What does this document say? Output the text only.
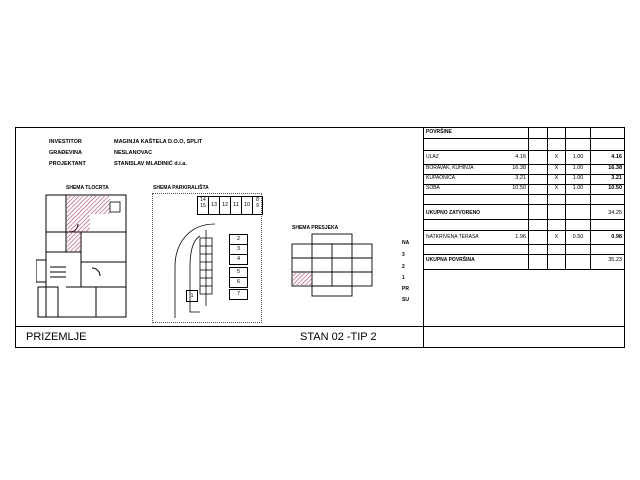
INVESTITOR	MAGINJA KAŠTELA D.O.O, SPLIT
GRAĐEVINA	NESLANOVAC
PROJEKTANT	STANISLAV MLADINIĆ d.i.a.
SHEMA TLOCRTA	SHEMA PARKIRALIŠTA
SHEMA PRESJEKA
14
15 13 12 11 10
8
9
2
3
4
5
6
7
1
NA
3
2
1
PR
SU
PRIZEMLJE	STAN 02 -TIP 2
POVRŠINE
ULAZ	4.16	X	1.00	4.16
BORAVAK, KUHINJA	16.38	X	1.00	16.38
KUPAONICA	3.21	X	1.00	3.21
SOBA	10.50	X	1.00	10.50
UKUPNO ZATVORENO	34.25
NATKRIVENA TERASA	1.96	X	0.50	0.98
UKUPNA POVRŠINA	35.23
